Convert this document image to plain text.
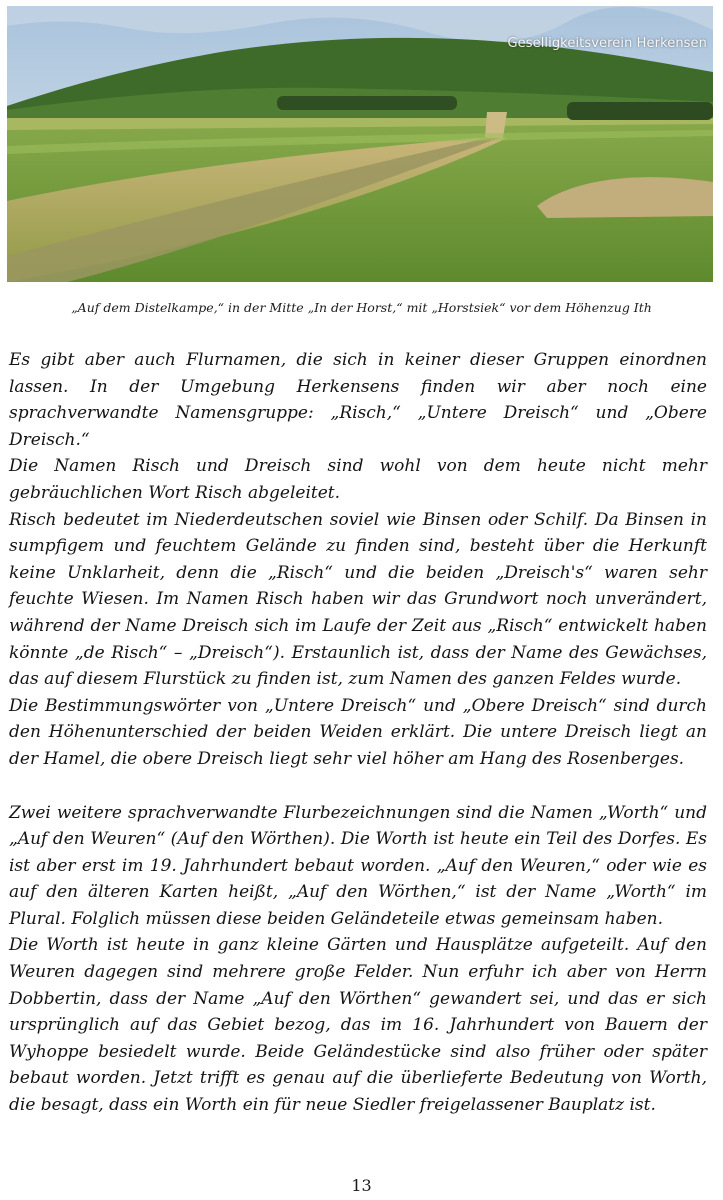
Geselligkeitsverein Herkensen
„Auf dem Distelkampe,“ in der Mitte „In der Horst,“ mit „Horstsiek“ vor dem Höhenzug Ith

Es gibt aber auch Flurnamen, die sich in keiner dieser Gruppen einordnen lassen. In der Umgebung Herkensens finden wir aber noch eine sprachverwandte Namensgruppe: „Risch,“ „Untere Dreisch“ und „Obere Dreisch.“

Die Namen Risch und Dreisch sind wohl von dem heute nicht mehr gebräuchlichen Wort Risch abgeleitet.

Risch bedeutet im Niederdeutschen soviel wie Binsen oder Schilf. Da Binsen in sumpfigem und feuchtem Gelände zu finden sind, besteht über die Herkunft keine Unklarheit, denn die „Risch“ und die beiden „Dreisch's“ waren sehr feuchte Wiesen. Im Namen Risch haben wir das Grundwort noch unverändert, während der Name Dreisch sich im Laufe der Zeit aus „Risch“ entwickelt haben könnte „de Risch“ – „Dreisch“). Erstaunlich ist, dass der Name des Gewächses, das auf diesem Flurstück zu finden ist, zum Namen des ganzen Feldes wurde.

Die Bestimmungswörter von „Untere Dreisch“ und „Obere Dreisch“ sind durch den Höhenunterschied der beiden Weiden erklärt. Die untere Dreisch liegt an der Hamel, die obere Dreisch liegt sehr viel höher am Hang des Rosenberges.

Zwei weitere sprachverwandte Flurbezeichnungen sind die Namen „Worth“ und „Auf den Weuren“ (Auf den Wörthen). Die Worth ist heute ein Teil des Dorfes. Es ist aber erst im 19. Jahrhundert bebaut worden. „Auf den Weuren,“ oder wie es auf den älteren Karten heißt, „Auf den Wörthen,“ ist der Name „Worth“ im Plural. Folglich müssen diese beiden Geländeteile etwas gemeinsam haben.

Die Worth ist heute in ganz kleine Gärten und Hausplätze aufgeteilt. Auf den Weuren dagegen sind mehrere große Felder. Nun erfuhr ich aber von Herrn Dobbertin, dass der Name „Auf den Wörthen“ gewandert sei, und das er sich ursprünglich auf das Gebiet bezog, das im 16. Jahrhundert von Bauern der Wyhoppe besiedelt wurde. Beide Geländestücke sind also früher oder später bebaut worden. Jetzt trifft es genau auf die überlieferte Bedeutung von Worth, die besagt, dass ein Worth ein für neue Siedler freigelassener Bauplatz ist.

13
